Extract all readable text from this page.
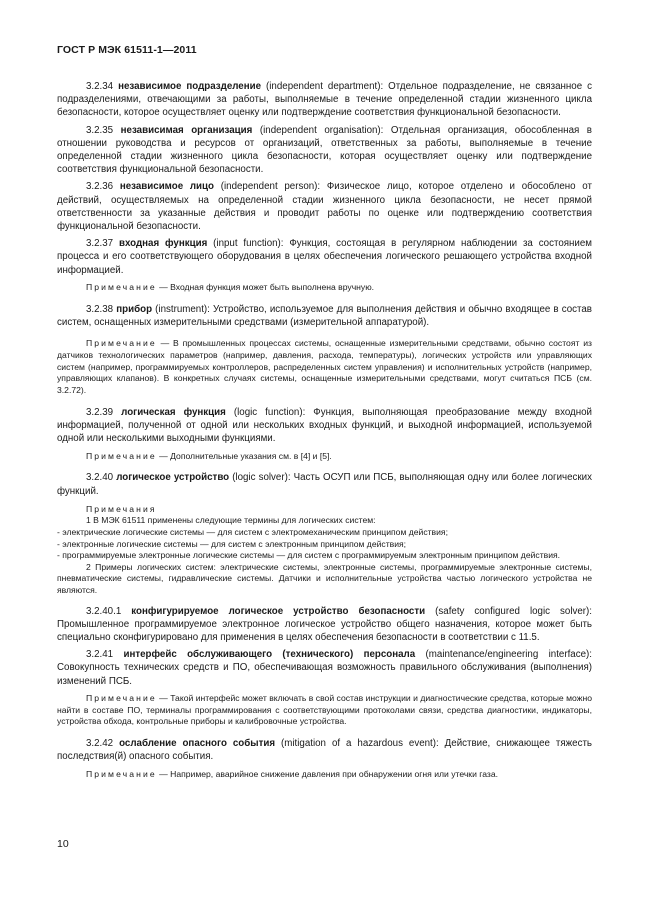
ГОСТ Р МЭК 61511-1—2011

3.2.34 независимое подразделение (independent department): Отдельное подразделение, не связанное с подразделениями, отвечающими за работы, выполняемые в течение определенной стадии жизненного цикла безопасности, которое осуществляет оценку или подтверждение соответствия функциональной безопасности.

3.2.35 независимая организация (independent organisation): Отдельная организация, обособленная в отношении руководства и ресурсов от организаций, ответственных за работы, выполняемые в течение определенной стадии жизненного цикла безопасности, которая осуществляет оценку или подтверждение соответствия функциональной безопасности.

3.2.36 независимое лицо (independent person): Физическое лицо, которое отделено и обособлено от действий, осуществляемых на определенной стадии жизненного цикла безопасности, не несет прямой ответственности за указанные действия и проводит работы по оценке или подтверждению соответствия функциональной безопасности.

3.2.37 входная функция (input function): Функция, состоящая в регулярном наблюдении за состоянием процесса и его соответствующего оборудования в целях обеспечения логического решающего устройства входной информацией.

Примечание — Входная функция может быть выполнена вручную.

3.2.38 прибор (instrument): Устройство, используемое для выполнения действия и обычно входящее в состав систем, оснащенных измерительными средствами (измерительной аппаратурой).

Примечание — В промышленных процессах системы, оснащенные измерительными средствами, обычно состоят из датчиков технологических параметров (например, давления, расхода, температуры), логических устройств или управляющих систем (например, программируемых контроллеров, распределенных систем управления) и исполнительных устройств (например, управляющих клапанов). В конкретных случаях системы, оснащенные измерительными средствами, могут считаться ПСБ (см. 3.2.72).

3.2.39 логическая функция (logic function): Функция, выполняющая преобразование между входной информацией, полученной от одной или нескольких входных функций, и выходной информацией, используемой одной или несколькими выходными функциями.

Примечание — Дополнительные указания см. в [4] и [5].

3.2.40 логическое устройство (logic solver): Часть ОСУП или ПСБ, выполняющая одну или более логических функций.

Примечания
1 В МЭК 61511 применены следующие термины для логических систем:
- электрические логические системы — для систем с электромеханическим принципом действия;
- электронные логические системы — для систем с электронным принципом действия;
- программируемые электронные логические системы — для систем с программируемым электронным принципом действия.
2 Примеры логических систем: электрические системы, электронные системы, программируемые электронные системы, пневматические системы, гидравлические системы. Датчики и исполнительные устройства частью логического устройства не являются.

3.2.40.1 конфигурируемое логическое устройство безопасности (safety configured logic solver): Промышленное программируемое электронное логическое устройство общего назначения, которое может быть специально сконфигурировано для применения в целях обеспечения безопасности в соответствии с 11.5.

3.2.41 интерфейс обслуживающего (технического) персонала (maintenance/engineering interface): Совокупность технических средств и ПО, обеспечивающая возможность правильного обслуживания (выполнения) изменений ПСБ.

Примечание — Такой интерфейс может включать в свой состав инструкции и диагностические средства, которые можно найти в составе ПО, терминалы программирования с соответствующими протоколами связи, средства диагностики, индикаторы, устройства обхода, контрольные приборы и калибровочные устройства.

3.2.42 ослабление опасного события (mitigation of a hazardous event): Действие, снижающее тяжесть последствия(й) опасного события.

Примечание — Например, аварийное снижение давления при обнаружении огня или утечки газа.

10
